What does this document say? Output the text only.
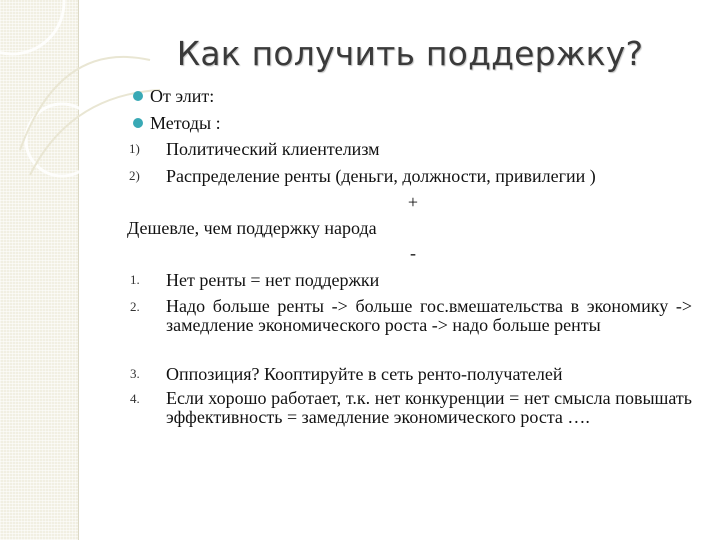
Как получить поддержку?
От элит:
Методы :
1) Политический клиентелизм
2) Распределение ренты (деньги, должности, привилегии )
+
Дешевле, чем поддержку народа
-
1. Нет ренты = нет поддержки
2. Надо больше ренты -> больше гос.вмешательства в экономику -> замедление экономического роста -> надо больше ренты
3. Оппозиция? Кооптируйте в сеть ренто-получателей
4. Если хорошо работает, т.к. нет конкуренции = нет смысла повышать эффективность = замедление экономического роста ….
